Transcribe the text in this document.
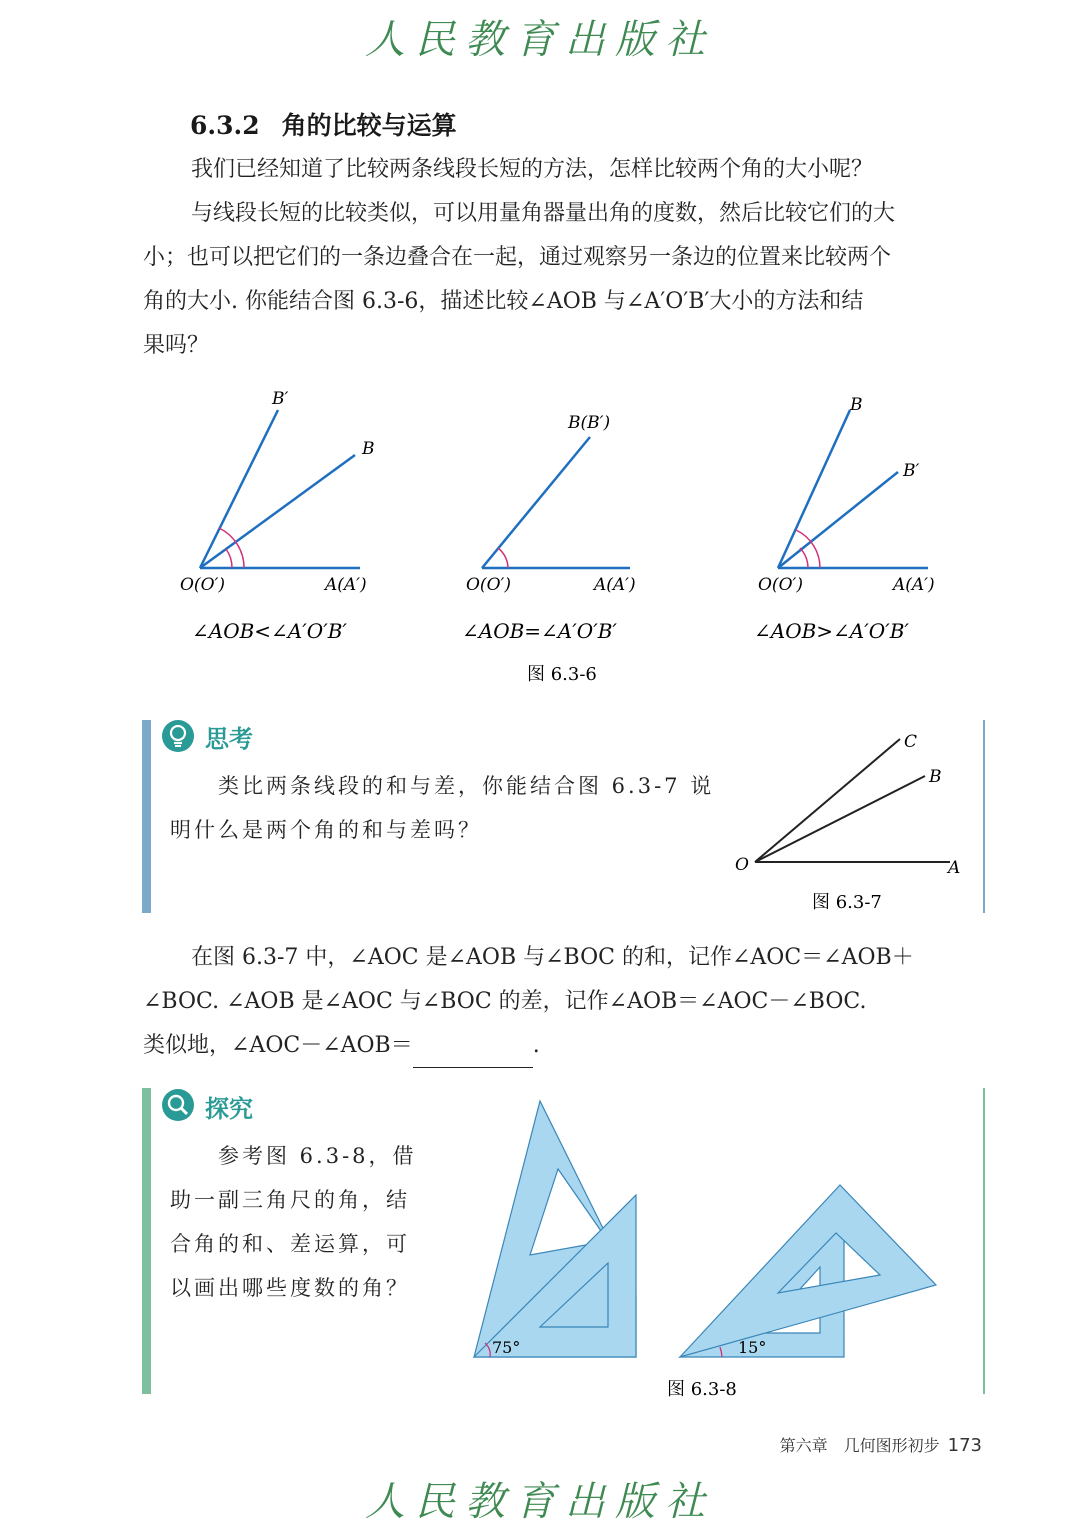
人民教育出版社
6.3.2 角的比较与运算
我们已经知道了比较两条线段长短的方法，怎样比较两个角的大小呢？
与线段长短的比较类似，可以用量角器量出角的度数，然后比较它们的大
小；也可以把它们的一条边叠合在一起，通过观察另一条边的位置来比较两个
角的大小. 你能结合图 6.3-6，描述比较∠AOB 与∠A′O′B′大小的方法和结
果吗？
O(O′)	A(A′)
B
B′
∠AOB<∠A′O′B′
O(O′)	A(A′)
B(B′)
∠AOB=∠A′O′B′
O(O′)	A(A′)
B
B′
∠AOB>∠A′O′B′
图 6.3-6
思考
类比两条线段的和与差，你能结合图 6.3-7 说
明什么是两个角的和与差吗？
O	A
B
C
图 6.3-7
在图 6.3-7 中，∠AOC 是∠AOB 与∠BOC 的和，记作∠AOC＝∠AOB＋
∠BOC. ∠AOB 是∠AOC 与∠BOC 的差，记作∠AOB＝∠AOC－∠BOC.
类似地，∠AOC－∠AOB＝	.
探究
参考图 6.3-8，借
助一副三角尺的角，结
合角的和、差运算，可
以画出哪些度数的角？
75°	15°
图 6.3-8
第六章　几何图形初步 173
人民教育出版社
